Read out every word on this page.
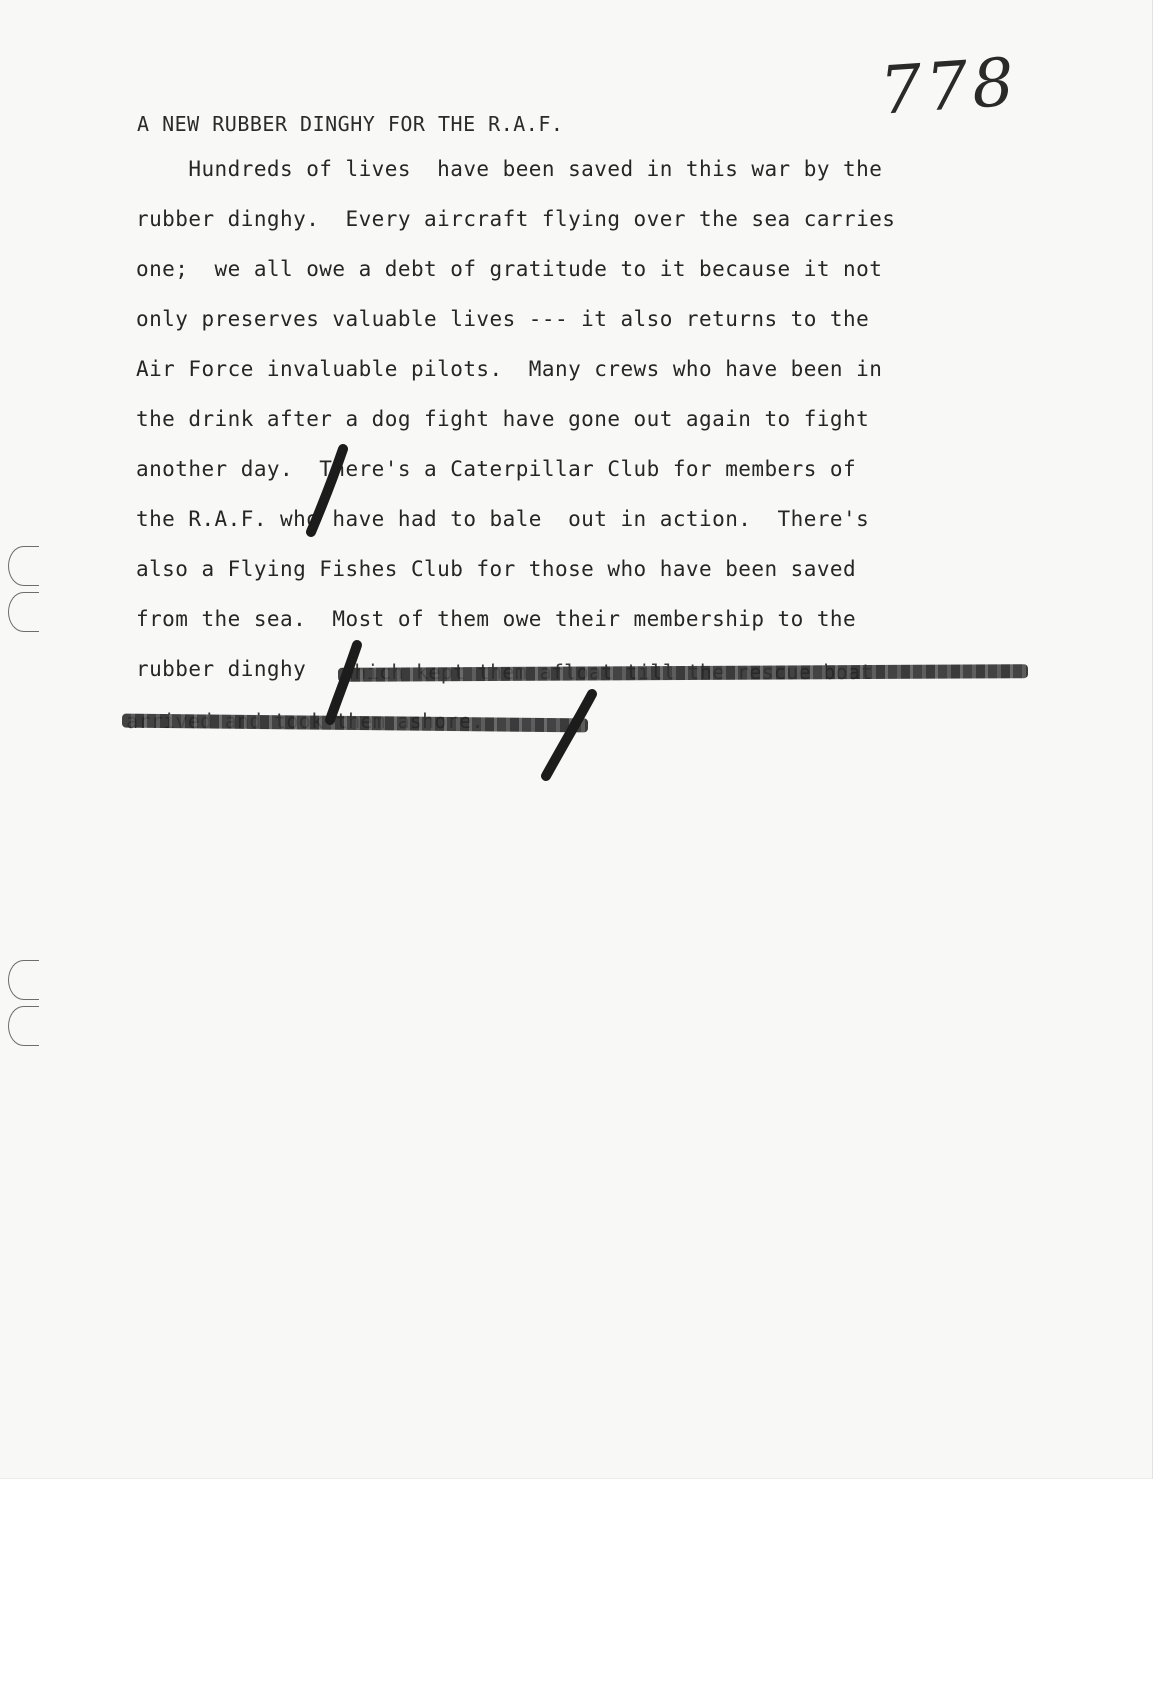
778
A NEW RUBBER DINGHY FOR THE R.A.F.
Hundreds of lives  have been saved in this war by the
rubber dinghy.  Every aircraft flying over the sea carries
one;  we all owe a debt of gratitude to it because it not
only preserves valuable lives --- it also returns to the
Air Force invaluable pilots.  Many crews who have been in
the drink after a dog fight have gone out again to fight
another day.  There's a Caterpillar Club for members of
the R.A.F. who have had to bale  out in action.  There's
also a Flying Fishes Club for those who have been saved
from the sea.  Most of them owe their membership to the
rubber dinghy
